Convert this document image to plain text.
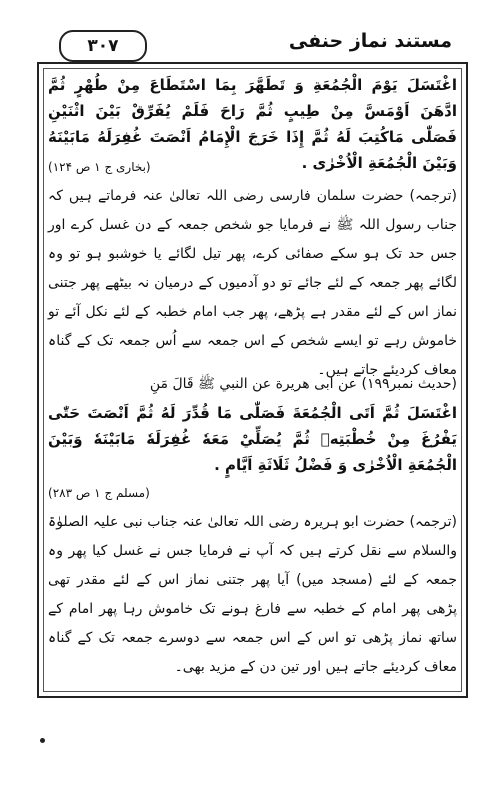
۳۰۷	مستند نماز حنفی
اغْتَسَلَ يَوْمَ الْجُمُعَةِ وَ تَطَهَّرَ بِمَا اسْتَطَاعَ مِنْ طُهْرٍ ثُمَّ ادَّهَنَ اَوْمَسَّ مِنْ طِيبٍ ثُمَّ رَاحَ فَلَمْ يُفَرِّقْ بَيْنَ اثْنَيْنِ فَصَلّٰى مَاكُتِبَ لَهُ ثُمَّ إِذَا خَرَجَ الْإِمَامُ اَنْصَتَ غُفِرَلَهُ مَابَيْنَهُ وَبَيْنَ الْجُمُعَةِ الْاُخْرٰى .
(بخاری ج ۱ ص ۱۲۴)
(ترجمہ) حضرت سلمان فارسی رضی اللہ تعالیٰ عنہ فرماتے ہیں کہ جناب رسول اللہ ﷺ نے فرمایا جو شخص جمعہ کے دن غسل کرے اور جس حد تک ہو سکے صفائی کرے، پھر تیل لگائے یا خوشبو ہو تو وہ لگائے پھر جمعہ کے لئے جائے تو دو آدمیوں کے درمیان نہ بیٹھے پھر جتنی نماز اس کے لئے مقدر ہے پڑھے، پھر جب امام خطبہ کے لئے نکل آئے تو خاموش رہے تو ایسے شخص کے اس جمعہ سے اُس جمعہ تک کے گناہ معاف کردیئے جاتے ہیں۔
(حدیث نمبر۱۹۹) عن ابی هريرة عن النبي ﷺ قَالَ مَنِ
اغْتَسَلَ ثُمَّ اَتَى الْجُمُعَةَ فَصَلّٰى مَا قُدِّرَ لَهُ ثُمَّ اَنْصَتَ حَتّٰى يَفْرُغَ مِنْ خُطْبَتِهٖ ثُمَّ يُصَلِّيْ مَعَهٗ غُفِرَلَهٗ مَابَيْنَهٗ وَبَيْنَ الْجُمُعَةِ الْاُخْرٰى وَ فَضْلُ ثَلَاثَةِ اَيَّامٍ .
(مسلم ج ۱ ص ۲۸۳)
(ترجمہ) حضرت ابو ہریرہ رضی اللہ تعالیٰ عنہ جناب نبی علیہ الصلوٰۃ والسلام سے نقل کرتے ہیں کہ آپ نے فرمایا جس نے غسل کیا پھر وہ جمعہ کے لئے (مسجد میں) آیا پھر جتنی نماز اس کے لئے مقدر تھی پڑھی پھر امام کے خطبہ سے فارغ ہونے تک خاموش رہا پھر امام کے ساتھ نماز پڑھی تو اس کے اس جمعہ سے دوسرے جمعہ تک کے گناہ معاف کردیئے جاتے ہیں اور تین دن کے مزید بھی۔
